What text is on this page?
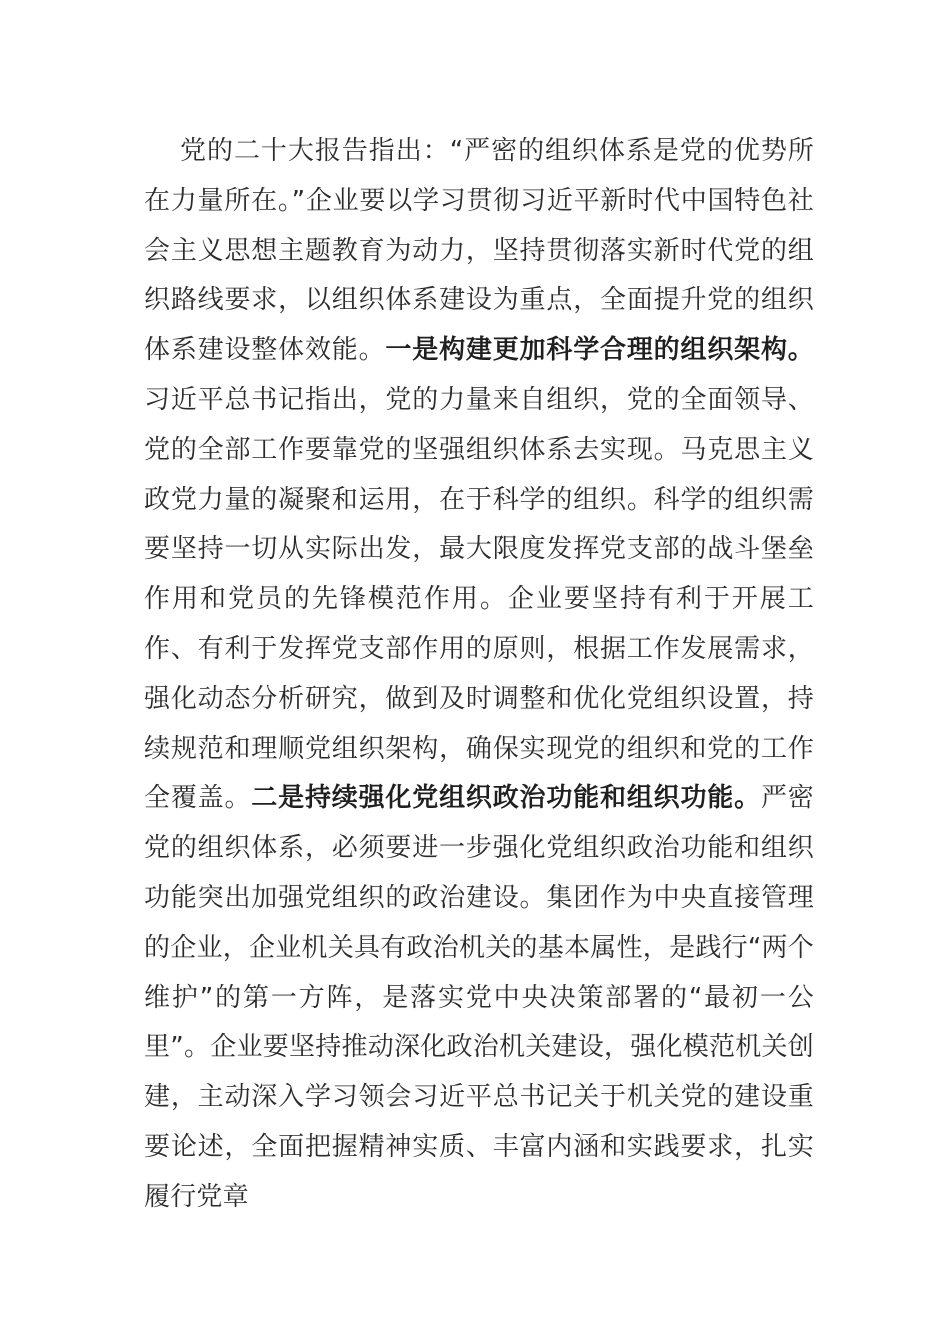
党的二十大报告指出：“严密的组织体系是党的优势所在力量所在。”企业要以学习贯彻习近平新时代中国特色社会主义思想主题教育为动力，坚持贯彻落实新时代党的组织路线要求，以组织体系建设为重点，全面提升党的组织体系建设整体效能。一是构建更加科学合理的组织架构。习近平总书记指出，党的力量来自组织，党的全面领导、党的全部工作要靠党的坚强组织体系去实现。马克思主义政党力量的凝聚和运用，在于科学的组织。科学的组织需要坚持一切从实际出发，最大限度发挥党支部的战斗堡垒作用和党员的先锋模范作用。企业要坚持有利于开展工作、有利于发挥党支部作用的原则，根据工作发展需求，强化动态分析研究，做到及时调整和优化党组织设置，持续规范和理顺党组织架构，确保实现党的组织和党的工作全覆盖。二是持续强化党组织政治功能和组织功能。严密党的组织体系，必须要进一步强化党组织政治功能和组织功能突出加强党组织的政治建设。集团作为中央直接管理的企业，企业机关具有政治机关的基本属性，是践行“两个维护”的第一方阵，是落实党中央决策部署的“最初一公里”。企业要坚持推动深化政治机关建设，强化模范机关创建，主动深入学习领会习近平总书记关于机关党的建设重要论述，全面把握精神实质、丰富内涵和实践要求，扎实履行党章
